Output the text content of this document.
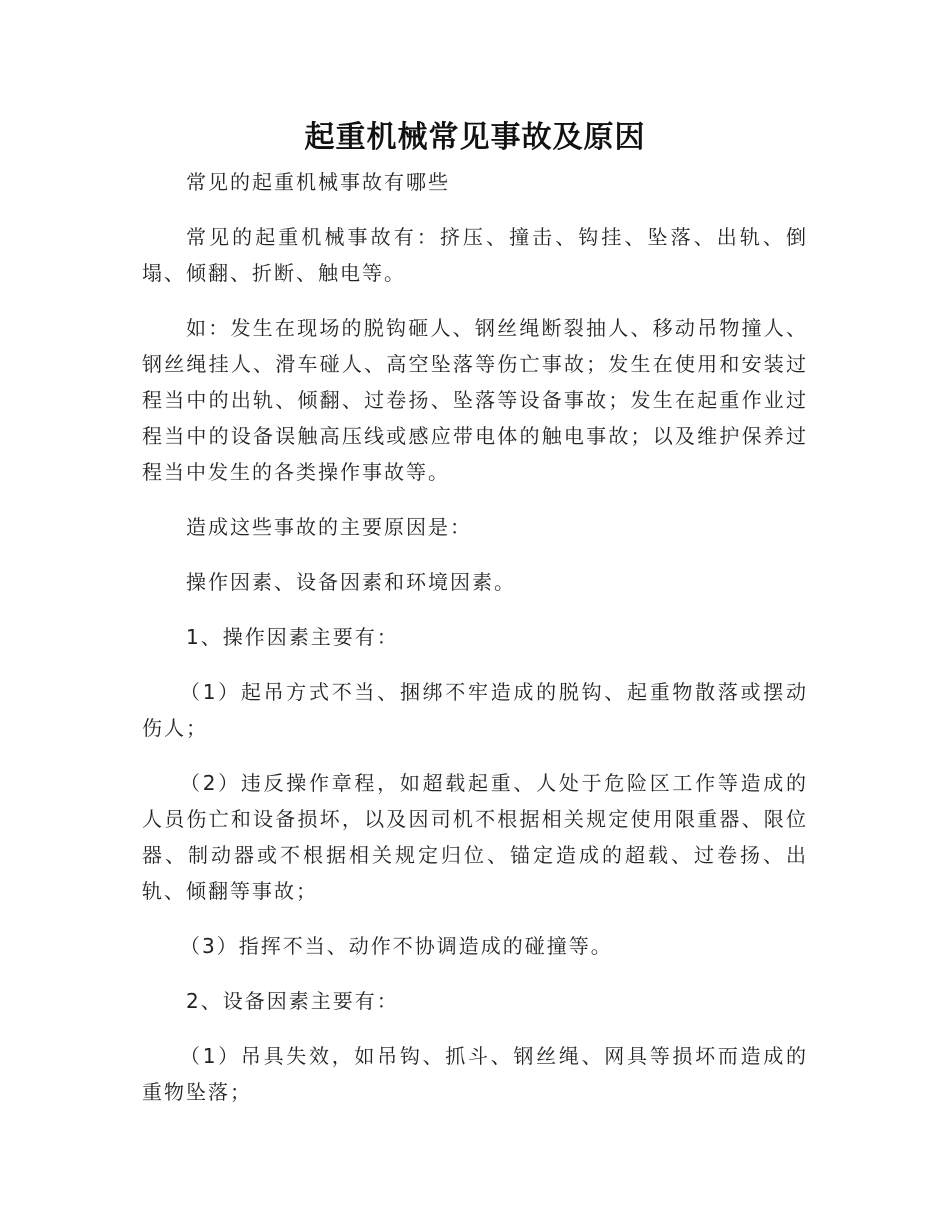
起重机械常见事故及原因

常见的起重机械事故有哪些

常见的起重机械事故有：挤压、撞击、钩挂、坠落、出轨、倒塌、倾翻、折断、触电等。

如：发生在现场的脱钩砸人、钢丝绳断裂抽人、移动吊物撞人、钢丝绳挂人、滑车碰人、高空坠落等伤亡事故；发生在使用和安装过程当中的出轨、倾翻、过卷扬、坠落等设备事故；发生在起重作业过程当中的设备误触高压线或感应带电体的触电事故；以及维护保养过程当中发生的各类操作事故等。

造成这些事故的主要原因是：

操作因素、设备因素和环境因素。

1、操作因素主要有：

（1）起吊方式不当、捆绑不牢造成的脱钩、起重物散落或摆动伤人；

（2）违反操作章程，如超载起重、人处于危险区工作等造成的人员伤亡和设备损坏，以及因司机不根据相关规定使用限重器、限位器、制动器或不根据相关规定归位、锚定造成的超载、过卷扬、出轨、倾翻等事故；

（3）指挥不当、动作不协调造成的碰撞等。

2、设备因素主要有：

（1）吊具失效，如吊钩、抓斗、钢丝绳、网具等损坏而造成的重物坠落；
